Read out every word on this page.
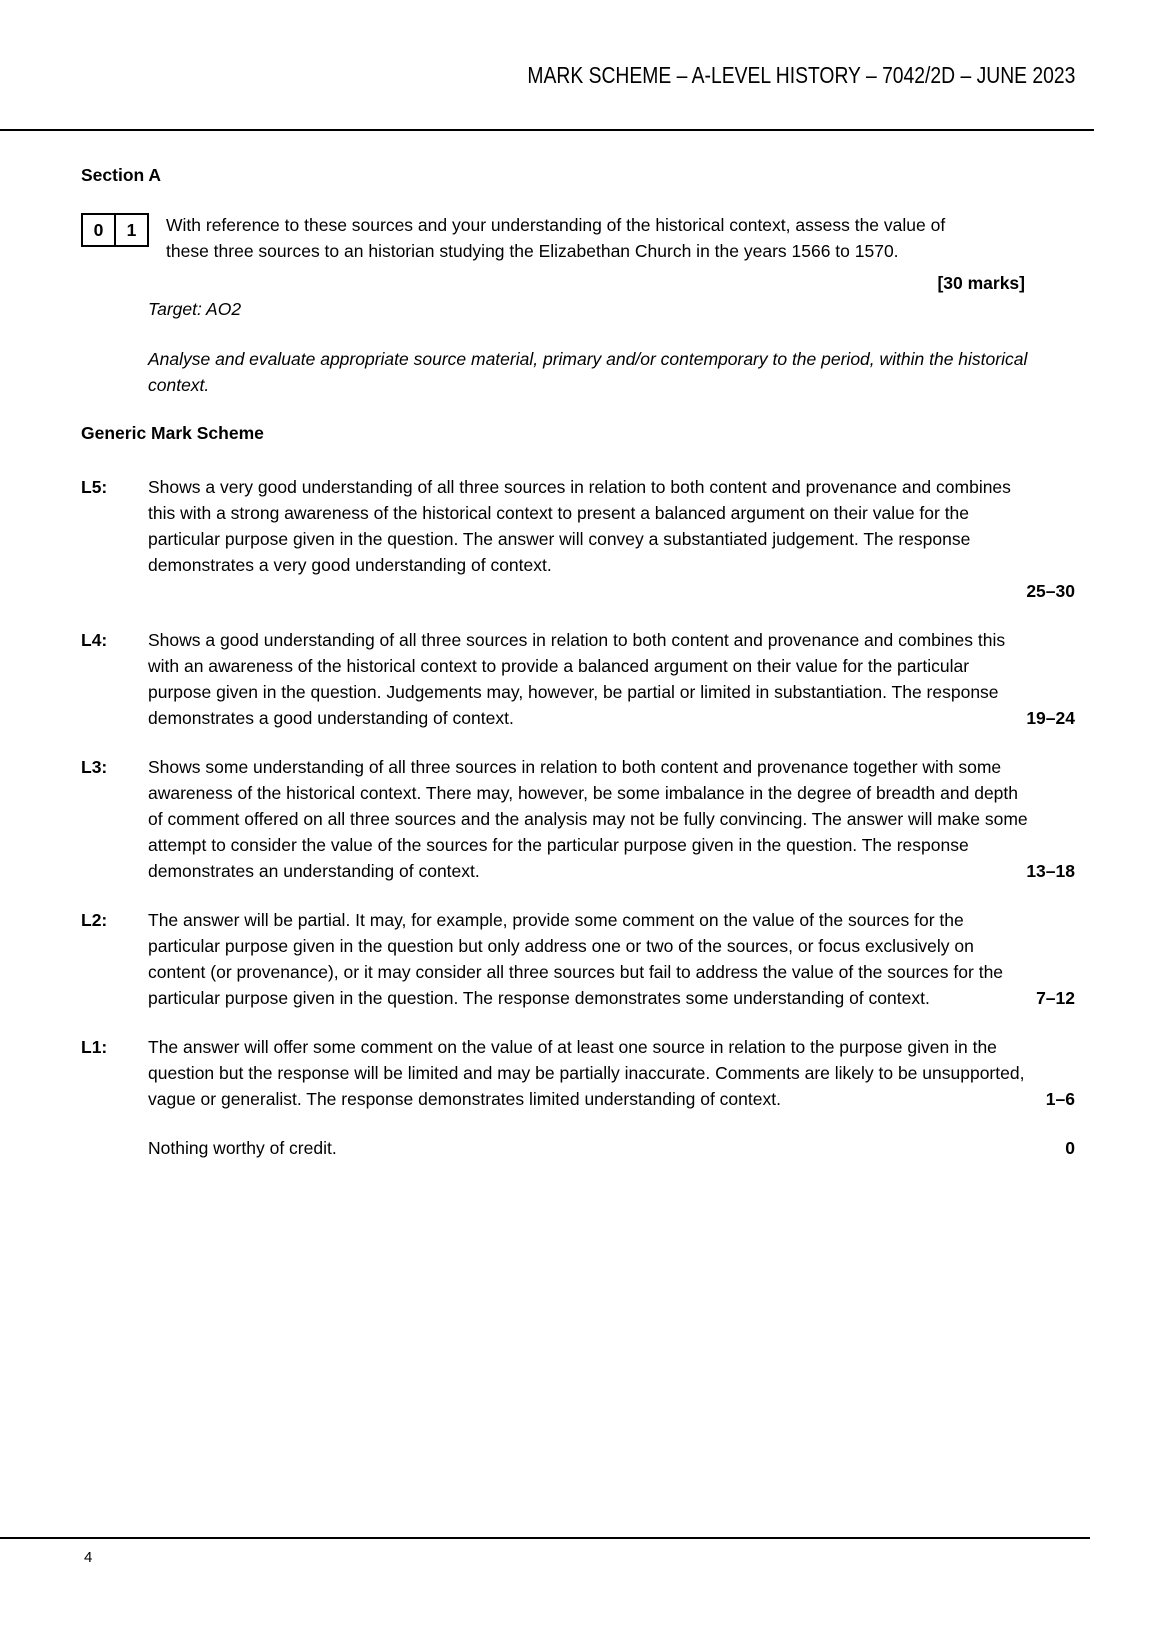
MARK SCHEME – A-LEVEL HISTORY – 7042/2D – JUNE 2023

Section A

0	1	With reference to these sources and your understanding of the historical context, assess the value of these three sources to an historian studying the Elizabethan Church in the years 1566 to 1570.

[30 marks]
Target: AO2

Analyse and evaluate appropriate source material, primary and/or contemporary to the period, within the historical context.

Generic Mark Scheme

L5:	Shows a very good understanding of all three sources in relation to both content and provenance and combines this with a strong awareness of the historical context to present a balanced argument on their value for the particular purpose given in the question. The answer will convey a substantiated judgement. The response demonstrates a very good understanding of context.

25–30
L4:	Shows a good understanding of all three sources in relation to both content and provenance and combines this with an awareness of the historical context to provide a balanced argument on their value for the particular purpose given in the question. Judgements may, however, be partial or limited in substantiation. The response demonstrates a good understanding of context.	19–24
L3:	Shows some understanding of all three sources in relation to both content and provenance together with some awareness of the historical context. There may, however, be some imbalance in the degree of breadth and depth of comment offered on all three sources and the analysis may not be fully convincing. The answer will make some attempt to consider the value of the sources for the particular purpose given in the question. The response demonstrates an understanding of context.	13–18
L2:	The answer will be partial. It may, for example, provide some comment on the value of the sources for the particular purpose given in the question but only address one or two of the sources, or focus exclusively on content (or provenance), or it may consider all three sources but fail to address the value of the sources for the particular purpose given in the question. The response demonstrates some understanding of context.	7–12
L1:	The answer will offer some comment on the value of at least one source in relation to the purpose given in the question but the response will be limited and may be partially inaccurate. Comments are likely to be unsupported, vague or generalist. The response demonstrates limited understanding of context.	1–6

Nothing worthy of credit.	0
4
